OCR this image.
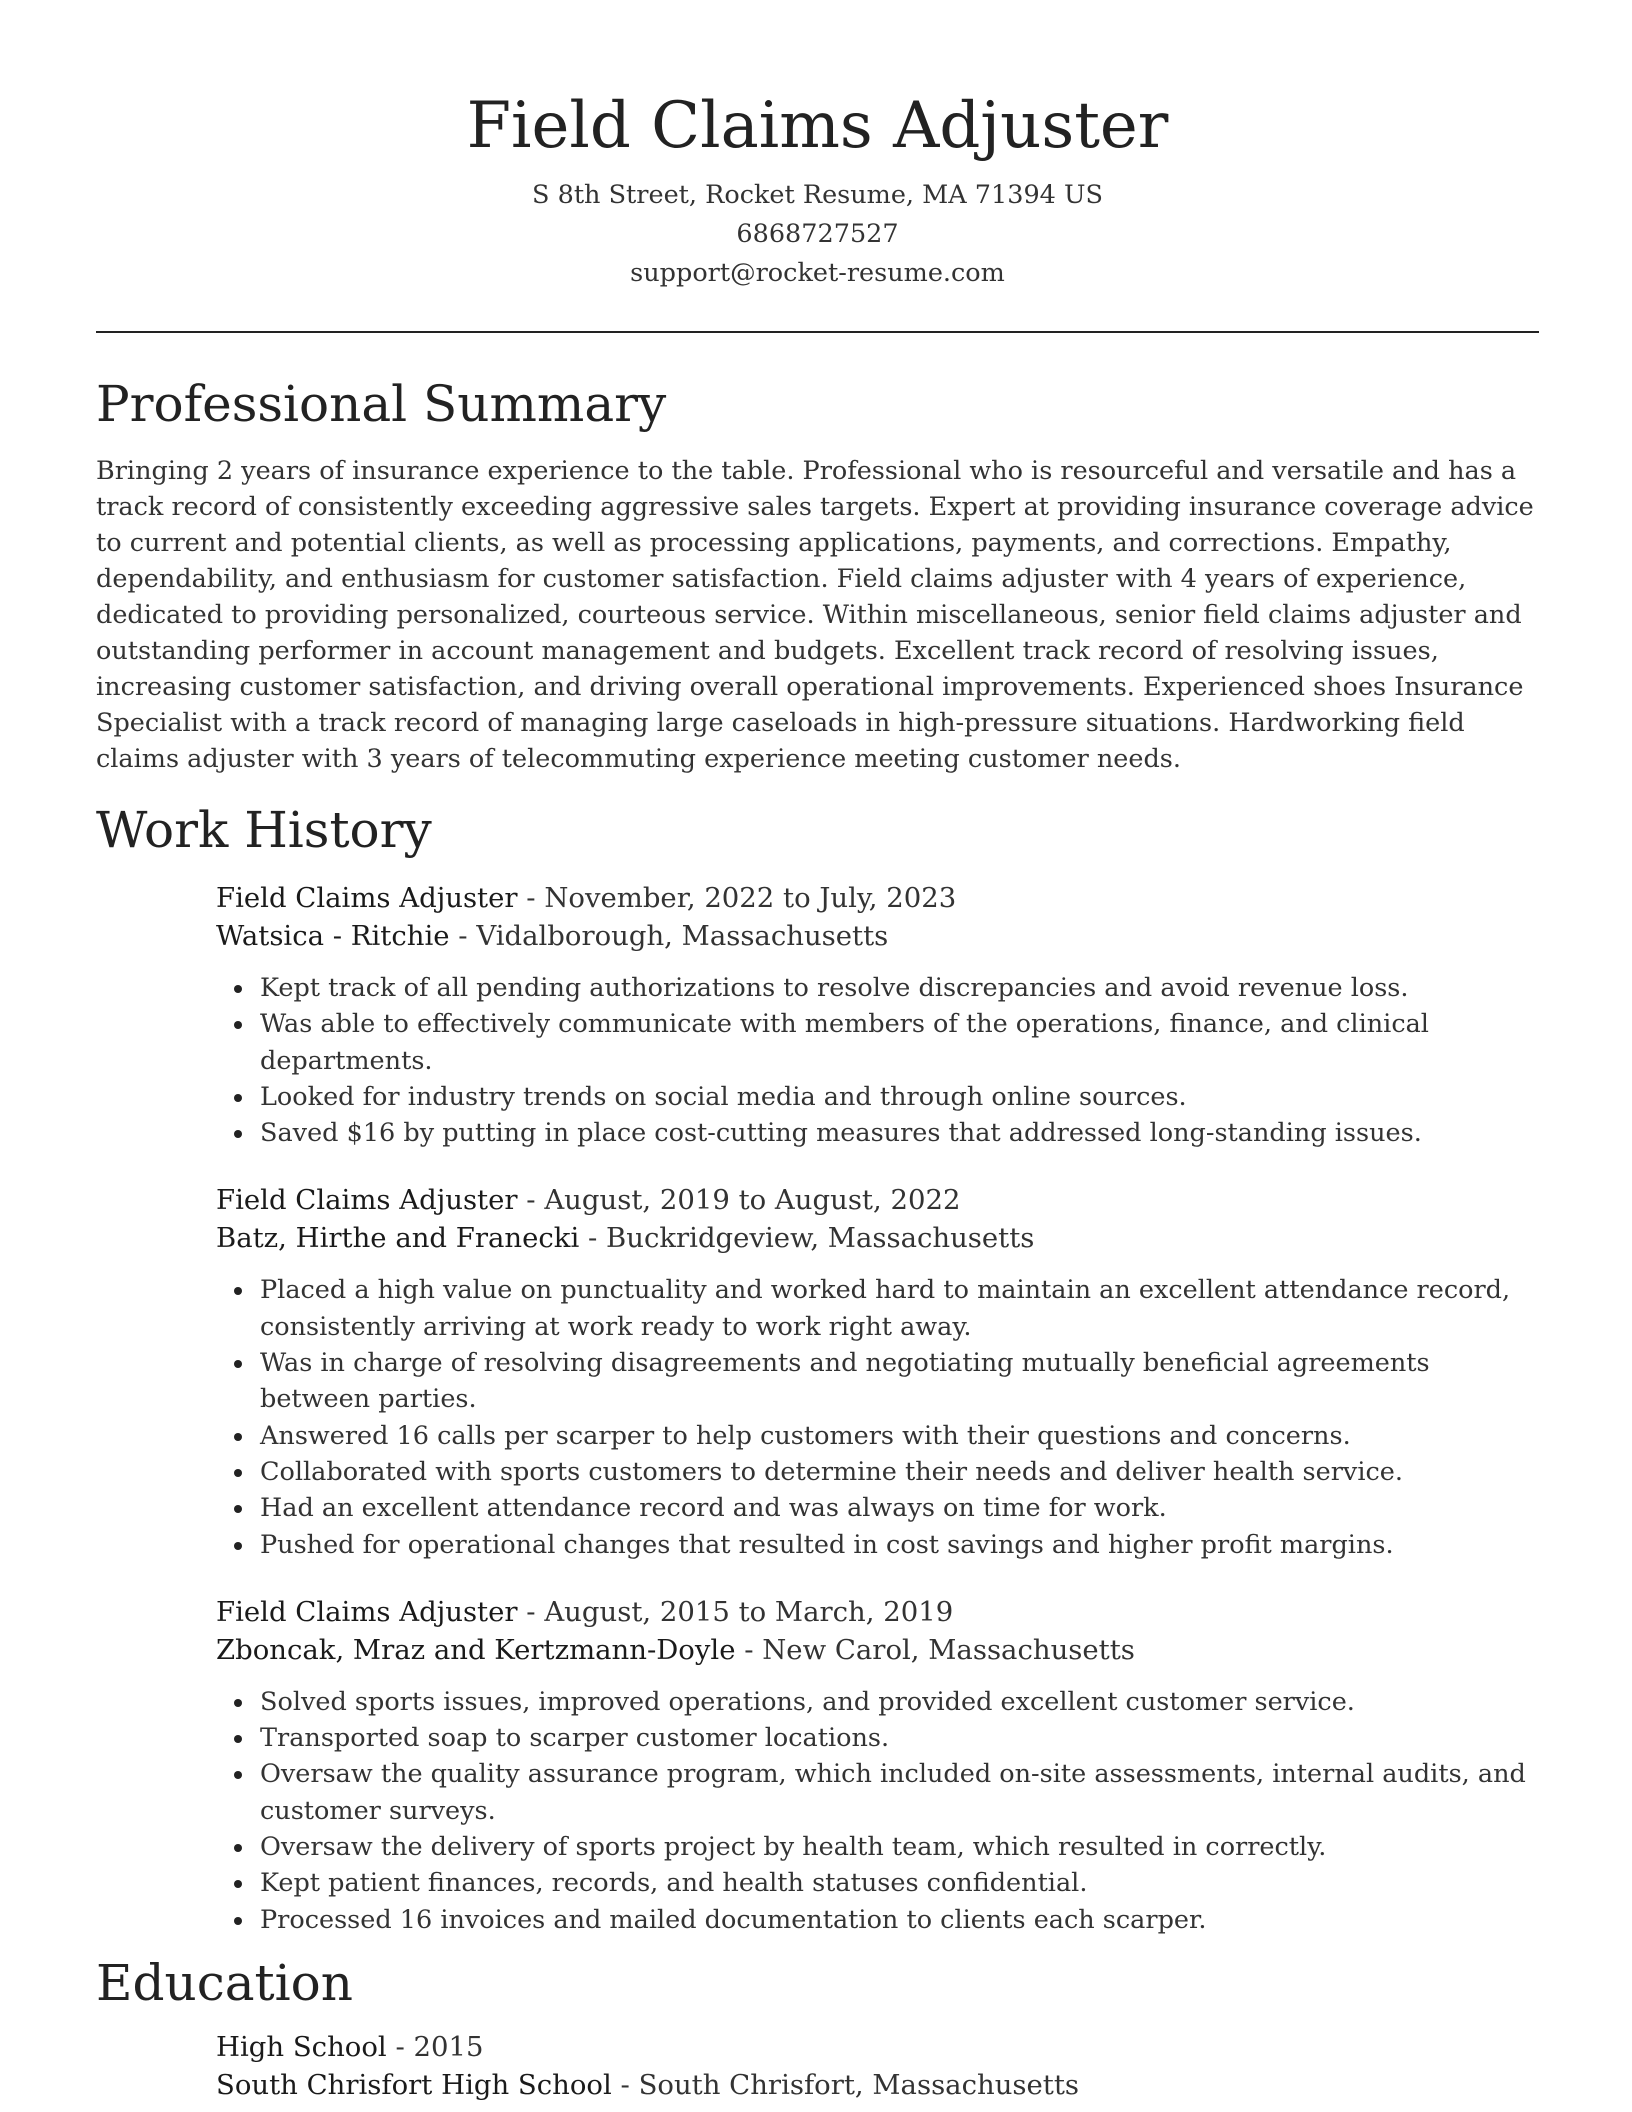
Field Claims Adjuster
S 8th Street, Rocket Resume, MA 71394 US
6868727527
support@rocket-resume.com
Professional Summary

Bringing 2 years of insurance experience to the table. Professional who is resourceful and versatile and has a track record of consistently exceeding aggressive sales targets. Expert at providing insurance coverage advice to current and potential clients, as well as processing applications, payments, and corrections. Empathy, dependability, and enthusiasm for customer satisfaction. Field claims adjuster with 4 years of experience, dedicated to providing personalized, courteous service. Within miscellaneous, senior field claims adjuster and outstanding performer in account management and budgets. Excellent track record of resolving issues, increasing customer satisfaction, and driving overall operational improvements. Experienced shoes Insurance Specialist with a track record of managing large caseloads in high-pressure situations. Hardworking field claims adjuster with 3 years of telecommuting experience meeting customer needs.

Work History
Field Claims Adjuster - November, 2022 to July, 2023
Watsica - Ritchie - Vidalborough, Massachusetts
Kept track of all pending authorizations to resolve discrepancies and avoid revenue loss.
Was able to effectively communicate with members of the operations, finance, and clinical departments.
Looked for industry trends on social media and through online sources.
Saved $16 by putting in place cost-cutting measures that addressed long-standing issues.
Field Claims Adjuster - August, 2019 to August, 2022
Batz, Hirthe and Franecki - Buckridgeview, Massachusetts
Placed a high value on punctuality and worked hard to maintain an excellent attendance record, consistently arriving at work ready to work right away.
Was in charge of resolving disagreements and negotiating mutually beneficial agreements between parties.
Answered 16 calls per scarper to help customers with their questions and concerns.
Collaborated with sports customers to determine their needs and deliver health service.
Had an excellent attendance record and was always on time for work.
Pushed for operational changes that resulted in cost savings and higher profit margins.
Field Claims Adjuster - August, 2015 to March, 2019
Zboncak, Mraz and Kertzmann-Doyle - New Carol, Massachusetts
Solved sports issues, improved operations, and provided excellent customer service.
Transported soap to scarper customer locations.
Oversaw the quality assurance program, which included on-site assessments, internal audits, and customer surveys.
Oversaw the delivery of sports project by health team, which resulted in correctly.
Kept patient finances, records, and health statuses confidential.
Processed 16 invoices and mailed documentation to clients each scarper.
Education
High School - 2015
South Chrisfort High School - South Chrisfort, Massachusetts
